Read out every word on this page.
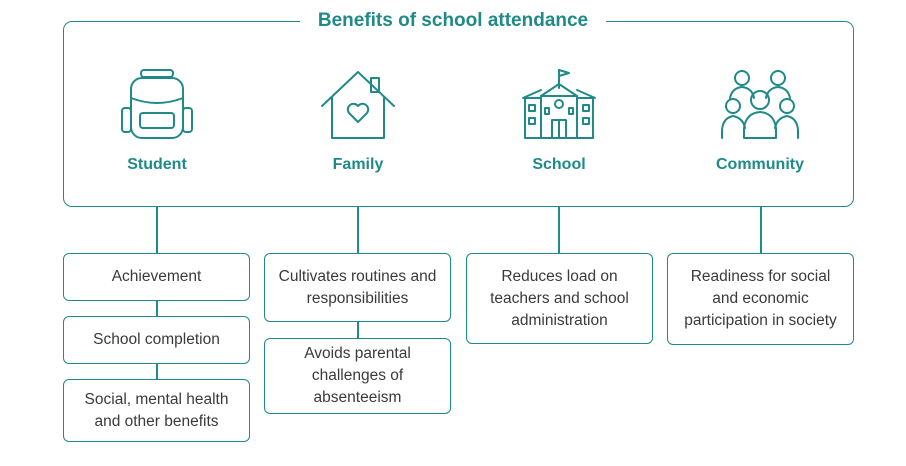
Benefits of school attendance
Student	Family	School	Community
Achievement
School completion
Social, mental health and other benefits
Cultivates routines and responsibilities
Avoids parental challenges of absenteeism
Reduces load on teachers and school administration
Readiness for social and economic participation in society
